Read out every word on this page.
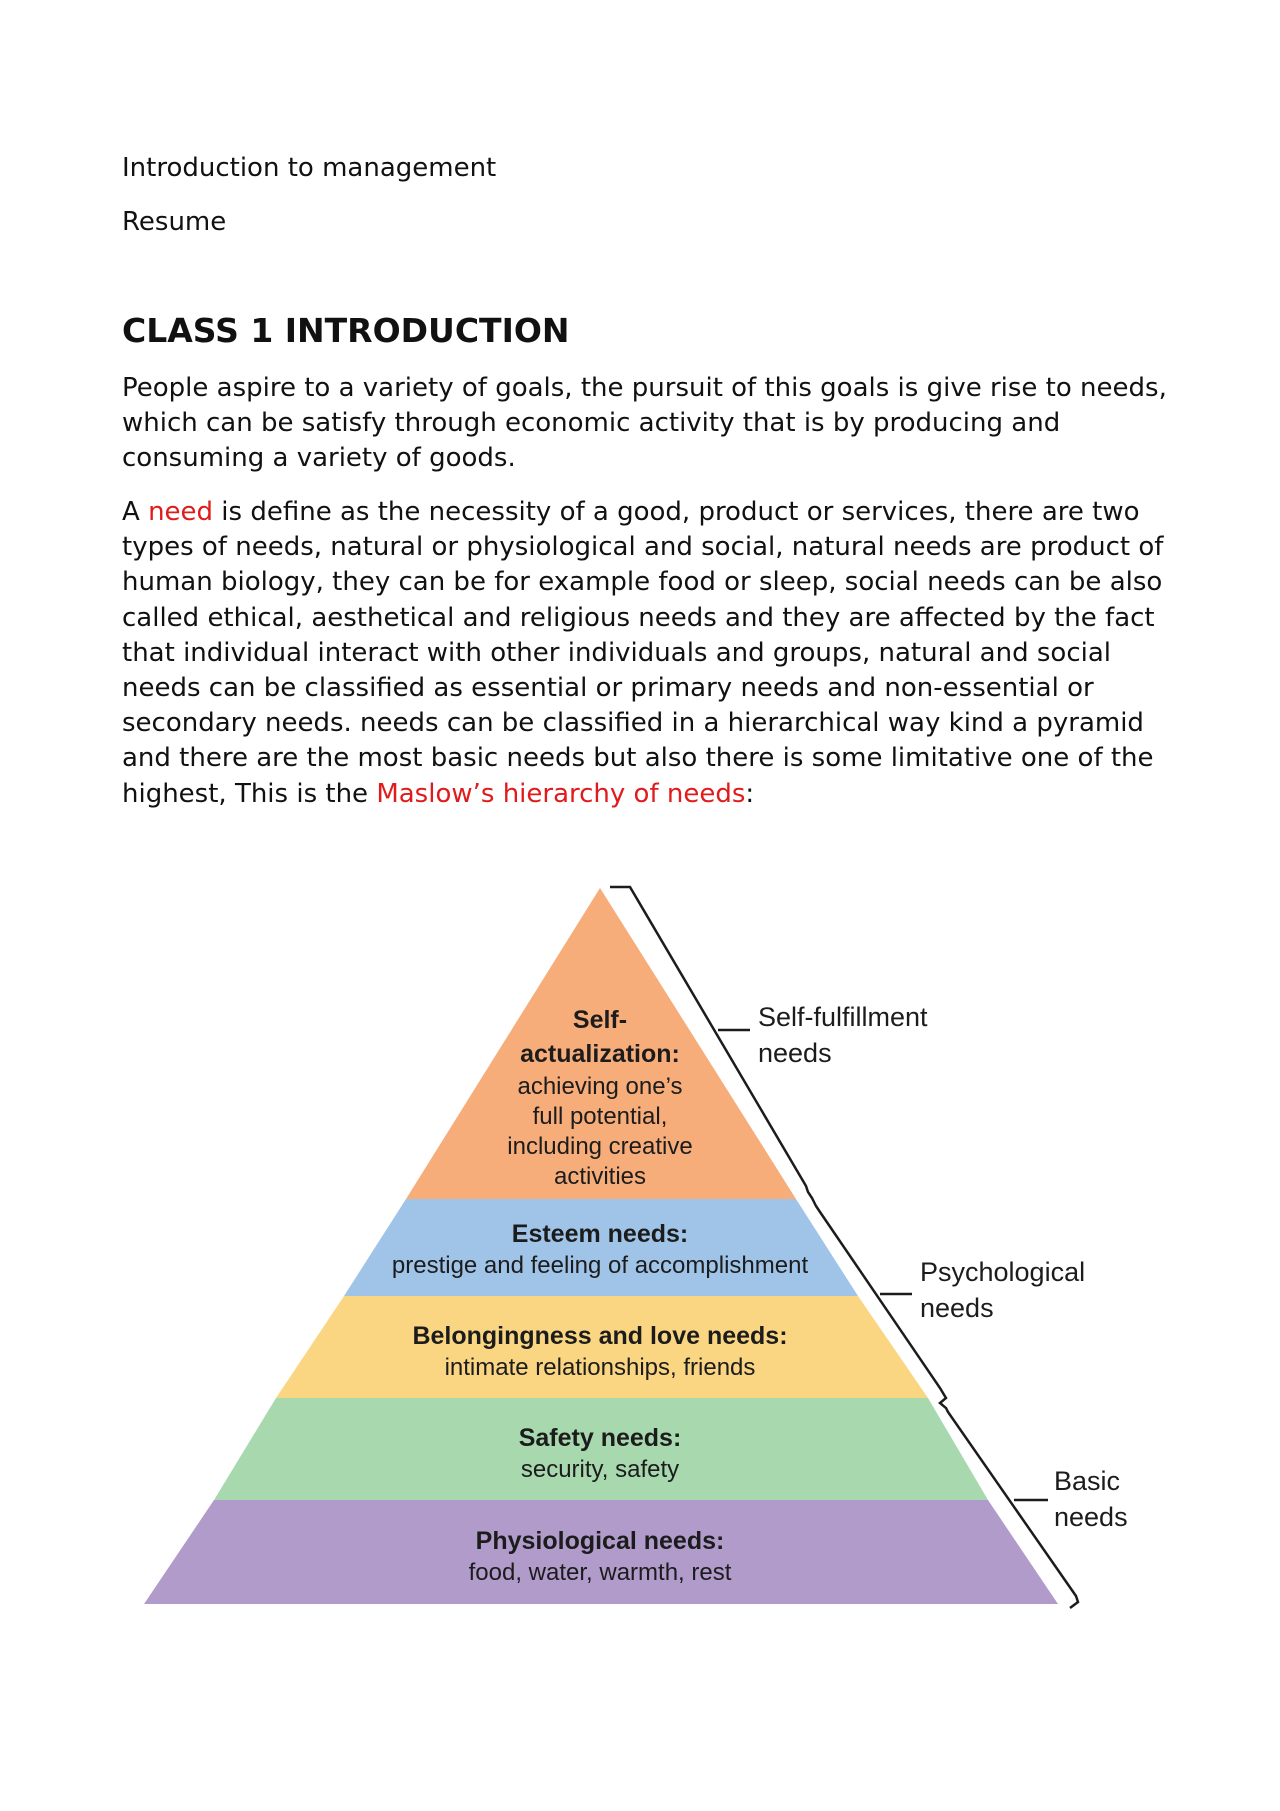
Introduction to management
Resume
CLASS 1 INTRODUCTION

People aspire to a variety of goals, the pursuit of this goals is give rise to needs, which can be satisfy through economic activity that is by producing and consuming a variety of goods.

A need is define as the necessity of a good, product or services, there are two types of needs, natural or physiological and social, natural needs are product of human biology, they can be for example food or sleep, social needs can be also called ethical, aesthetical and religious needs and they are affected by the fact that individual interact with other individuals and groups, natural and social needs can be classified as essential or primary needs and non-essential or secondary needs. needs can be classified in a hierarchical way kind a pyramid and there are the most basic needs but also there is some limitative one of the highest, This is the Maslow’s hierarchy of needs:

Self-
actualization:
achieving one’s
full potential,
including creative
activities
Esteem needs:
prestige and feeling of accomplishment
Belongingness and love needs:
intimate relationships, friends
Safety needs:
security, safety
Physiological needs:
food, water, warmth, rest
Self-fulfillment
needs
Psychological
needs
Basic
needs
